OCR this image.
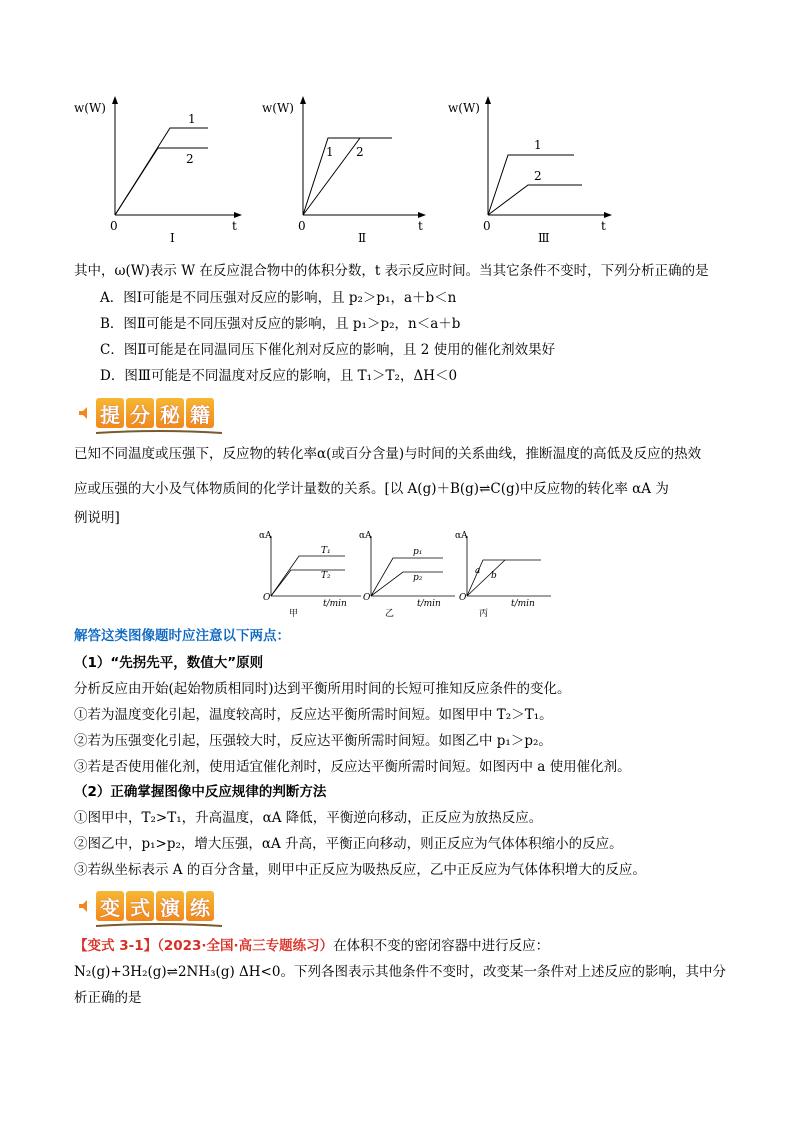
w(W)
1
2
0	t
Ⅰ
w(W)
1 2
0	t
Ⅱ
w(W)
1
2
0	t
Ⅲ
其中，ω(W)表示 W 在反应混合物中的体积分数，t 表示反应时间。当其它条件不变时，下列分析正确的是
A．图Ⅰ可能是不同压强对反应的影响，且 p₂＞p₁，a＋b＜n
B．图Ⅱ可能是不同压强对反应的影响，且 p₁＞p₂，n＜a＋b
C．图Ⅱ可能是在同温同压下催化剂对反应的影响，且 2 使用的催化剂效果好
D．图Ⅲ可能是不同温度对反应的影响，且 T₁＞T₂，ΔH＜0
提 分 秘 籍
已知不同温度或压强下，反应物的转化率α(或百分含量)与时间的关系曲线，推断温度的高低及反应的热效
应或压强的大小及气体物质间的化学计量数的关系。[以 A(g)＋B(g)⇌C(g)中反应物的转化率 αA 为
例说明]
αA
T₁
T₂
O
t/min
甲
αA
p₁
p₂
O
t/min
乙
αA
a b
O
t/min
丙
解答这类图像题时应注意以下两点：
（1）“先拐先平，数值大”原则
分析反应由开始(起始物质相同时)达到平衡所用时间的长短可推知反应条件的变化。
①若为温度变化引起，温度较高时，反应达平衡所需时间短。如图甲中 T₂＞T₁。
②若为压强变化引起，压强较大时，反应达平衡所需时间短。如图乙中 p₁＞p₂。
③若是否使用催化剂，使用适宜催化剂时，反应达平衡所需时间短。如图丙中 a 使用催化剂。
（2）正确掌握图像中反应规律的判断方法
①图甲中，T₂>T₁，升高温度，αA 降低，平衡逆向移动，正反应为放热反应。
②图乙中，p₁>p₂，增大压强，αA 升高，平衡正向移动，则正反应为气体体积缩小的反应。
③若纵坐标表示 A 的百分含量，则甲中正反应为吸热反应，乙中正反应为气体体积增大的反应。
变 式 演 练
【变式 3-1】（2023·全国·高三专题练习）在体积不变的密闭容器中进行反应：
N₂(g)+3H₂(g)⇌2NH₃(g) ΔH<0。下列各图表示其他条件不变时，改变某一条件对上述反应的影响，其中分
析正确的是
